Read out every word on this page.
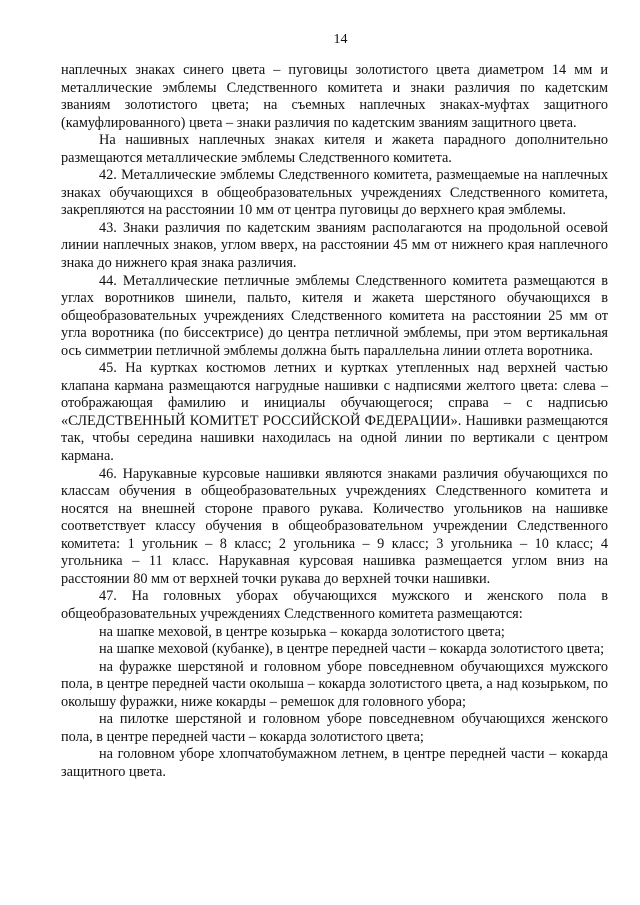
14

наплечных знаках синего цвета – пуговицы золотистого цвета диаметром 14 мм и металлические эмблемы Следственного комитета и знаки различия по кадетским званиям золотистого цвета; на съемных наплечных знаках-муфтах защитного (камуфлированного) цвета – знаки различия по кадетским званиям защитного цвета.

На нашивных наплечных знаках кителя и жакета парадного дополнительно размещаются металлические эмблемы Следственного комитета.

42. Металлические эмблемы Следственного комитета, размещаемые на наплечных знаках обучающихся в общеобразовательных учреждениях Следственного комитета, закрепляются на расстоянии 10 мм от центра пуговицы до верхнего края эмблемы.

43. Знаки различия по кадетским званиям располагаются на продольной осевой линии наплечных знаков, углом вверх, на расстоянии 45 мм от нижнего края наплечного знака до нижнего края знака различия.

44. Металлические петличные эмблемы Следственного комитета размещаются в углах воротников шинели, пальто, кителя и жакета шерстяного обучающихся в общеобразовательных учреждениях Следственного комитета на расстоянии 25 мм от угла воротника (по биссектрисе) до центра петличной эмблемы, при этом вертикальная ось симметрии петличной эмблемы должна быть параллельна линии отлета воротника.

45. На куртках костюмов летних и куртках утепленных над верхней частью клапана кармана размещаются нагрудные нашивки с надписями желтого цвета: слева – отображающая фамилию и инициалы обучающегося; справа – с надписью «СЛЕДСТВЕННЫЙ КОМИТЕТ РОССИЙСКОЙ ФЕДЕРАЦИИ». Нашивки размещаются так, чтобы середина нашивки находилась на одной линии по вертикали с центром кармана.

46. Нарукавные курсовые нашивки являются знаками различия обучающихся по классам обучения в общеобразовательных учреждениях Следственного комитета и носятся на внешней стороне правого рукава. Количество угольников на нашивке соответствует классу обучения в общеобразовательном учреждении Следственного комитета: 1 угольник – 8 класс; 2 угольника – 9 класс; 3 угольника – 10 класс; 4 угольника – 11 класс. Нарукавная курсовая нашивка размещается углом вниз на расстоянии 80 мм от верхней точки рукава до верхней точки нашивки.

47. На головных уборах обучающихся мужского и женского пола в общеобразовательных учреждениях Следственного комитета размещаются:

на шапке меховой, в центре козырька – кокарда золотистого цвета;

на шапке меховой (кубанке), в центре передней части – кокарда золотистого цвета;

на фуражке шерстяной и головном уборе повседневном обучающихся мужского пола, в центре передней части околыша – кокарда золотистого цвета, а над козырьком, по околышу фуражки, ниже кокарды – ремешок для головного убора;

на пилотке шерстяной и головном уборе повседневном обучающихся женского пола, в центре передней части – кокарда золотистого цвета;

на головном уборе хлопчатобумажном летнем, в центре передней части – кокарда защитного цвета.
